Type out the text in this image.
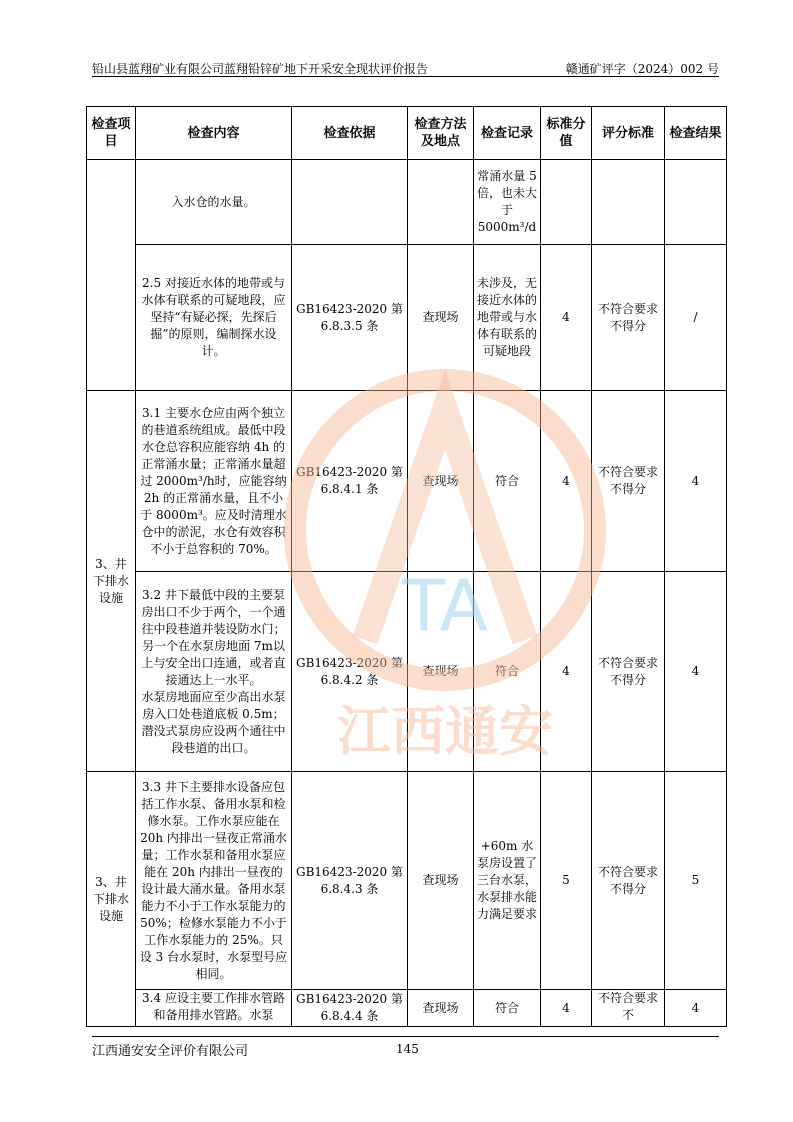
铅山县蓝翔矿业有限公司蓝翔铅锌矿地下开采安全现状评价报告	赣通矿评字（2024）002 号
检查项目	检查内容	检查依据	检查方法及地点	检查记录	标准分值	评分标准	检查结果
	入水仓的水量。			常涌水量 5 倍，也未大于 5000m³/d			
	2.5 对接近水体的地带或与水体有联系的可疑地段，应坚持“有疑必探，先探后掘”的原则，编制探水设计。	GB16423-2020 第 6.8.3.5 条	查现场	未涉及，无接近水体的地带或与水体有联系的可疑地段	4	不符合要求不得分	/
3、井下排水设施	3.1 主要水仓应由两个独立的巷道系统组成。最低中段水仓总容积应能容纳 4h 的正常涌水量；正常涌水量超过 2000m³/h时，应能容纳 2h 的正常涌水量，且不小于 8000m³。应及时清理水仓中的淤泥，水仓有效容积不小于总容积的 70%。	GB16423-2020 第 6.8.4.1 条	查现场	符合	4	不符合要求不得分	4
	3.2 井下最低中段的主要泵房出口不少于两个，一个通往中段巷道并装设防水门；另一个在水泵房地面 7m以上与安全出口连通，或者直接通达上一水平。
水泵房地面应至少高出水泵房入口处巷道底板 0.5m；潜没式泵房应设两个通往中段巷道的出口。	GB16423-2020 第 6.8.4.2 条	查现场	符合	4	不符合要求不得分	4
3、井下排水设施	3.3 井下主要排水设备应包括工作水泵、备用水泵和检修水泵。工作水泵应能在 20h 内排出一昼夜正常涌水量；工作水泵和备用水泵应能在 20h 内排出一昼夜的设计最大涌水量。备用水泵能力不小于工作水泵能力的 50%；检修水泵能力不小于工作水泵能力的 25%。只设 3 台水泵时，水泵型号应相同。	GB16423-2020 第 6.8.4.3 条	查现场	+60m 水泵房设置了三台水泵，水泵排水能力满足要求	5	不符合要求不得分	5

	3.4 应设主要工作排水管路和备用排水管路。水泵	GB16423-2020 第 6.8.4.4 条	查现场	符合	4	不符合要求不	4
TA
江西通安
江西通安安全评价有限公司	145
